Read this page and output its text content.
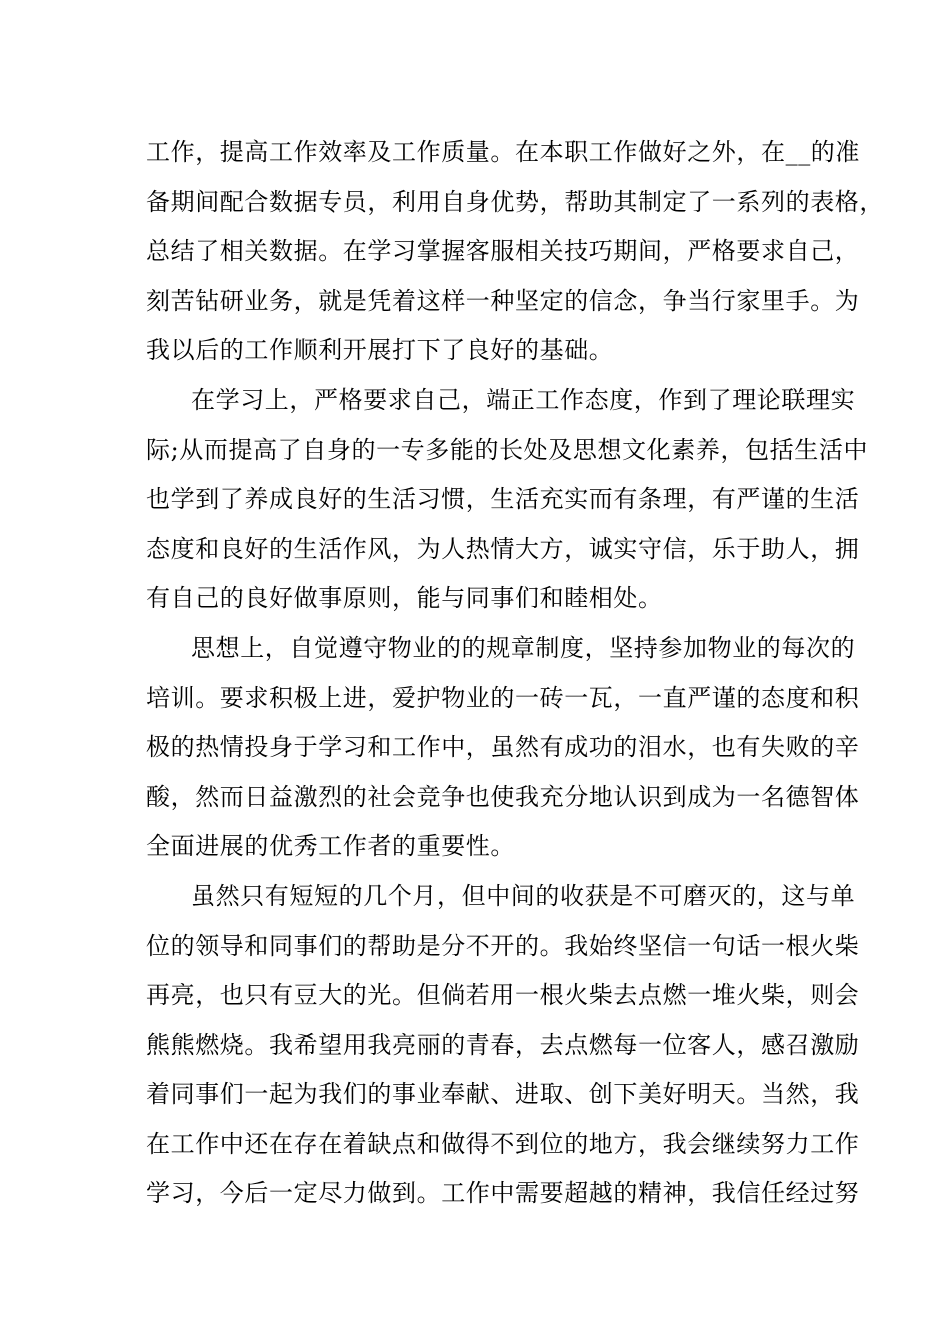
工作，提高工作效率及工作质量。在本职工作做好之外，在__的准
备期间配合数据专员，利用自身优势，帮助其制定了一系列的表格，
总结了相关数据。在学习掌握客服相关技巧期间，严格要求自己，
刻苦钻研业务，就是凭着这样一种坚定的信念，争当行家里手。为
我以后的工作顺利开展打下了良好的基础。
在学习上，严格要求自己，端正工作态度，作到了理论联理实
际;从而提高了自身的一专多能的长处及思想文化素养，包括生活中
也学到了养成良好的生活习惯，生活充实而有条理，有严谨的生活
态度和良好的生活作风，为人热情大方，诚实守信，乐于助人，拥
有自己的良好做事原则，能与同事们和睦相处。
思想上，自觉遵守物业的的规章制度，坚持参加物业的每次的
培训。要求积极上进，爱护物业的一砖一瓦，一直严谨的态度和积
极的热情投身于学习和工作中，虽然有成功的泪水，也有失败的辛
酸，然而日益激烈的社会竞争也使我充分地认识到成为一名德智体
全面进展的优秀工作者的重要性。
虽然只有短短的几个月，但中间的收获是不可磨灭的，这与单
位的领导和同事们的帮助是分不开的。我始终坚信一句话一根火柴
再亮，也只有豆大的光。但倘若用一根火柴去点燃一堆火柴，则会
熊熊燃烧。我希望用我亮丽的青春，去点燃每一位客人，感召激励
着同事们一起为我们的事业奉献、进取、创下美好明天。当然，我
在工作中还在存在着缺点和做得不到位的地方，我会继续努力工作
学习，今后一定尽力做到。工作中需要超越的精神，我信任经过努
